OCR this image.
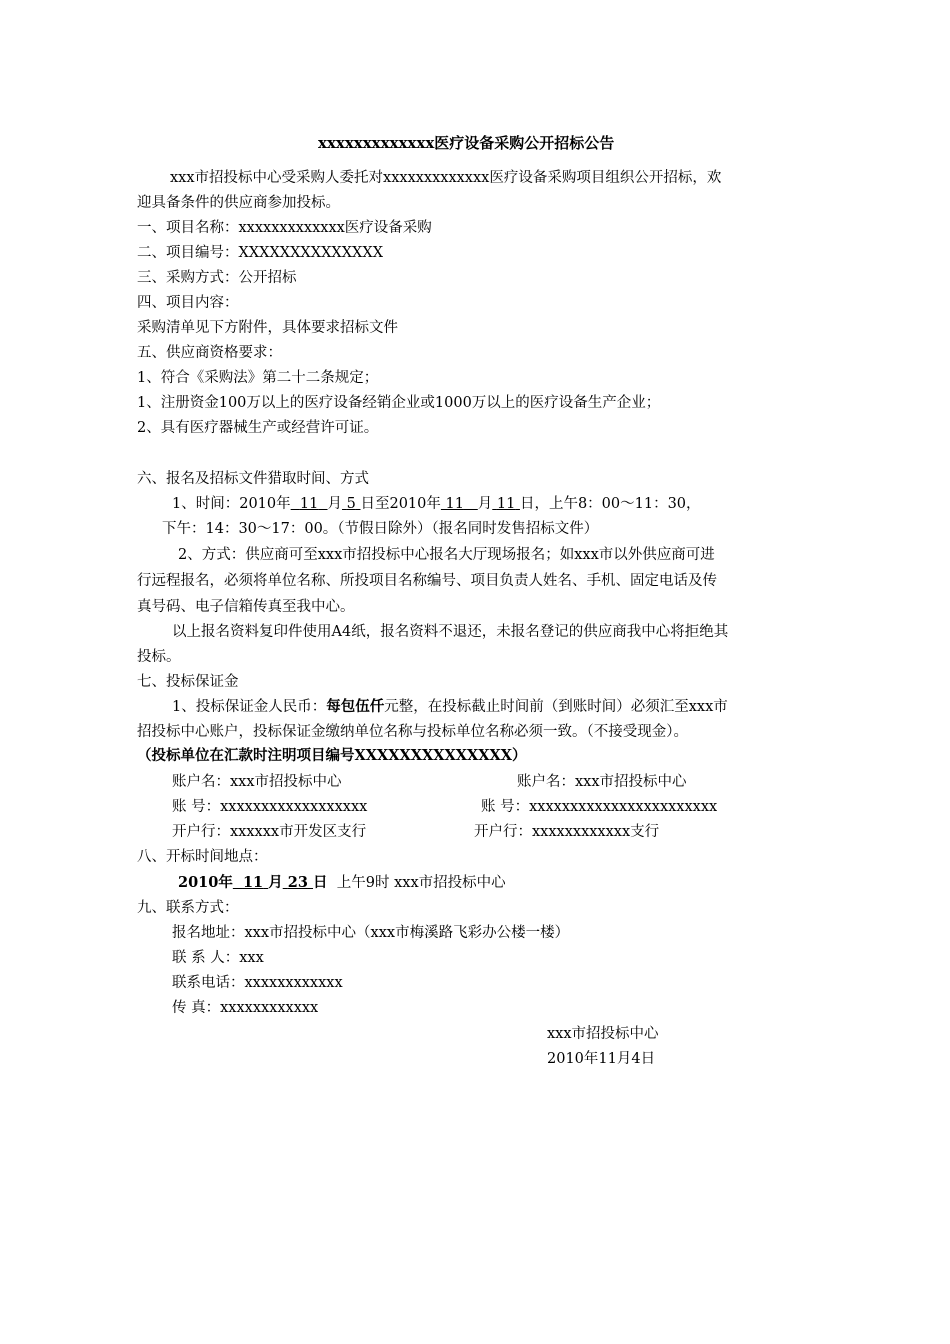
xxxxxxxxxxxxx医疗设备采购公开招标公告
xxx市招投标中心受采购人委托对xxxxxxxxxxxxx医疗设备采购项目组织公开招标，欢
迎具备条件的供应商参加投标。
一、项目名称：xxxxxxxxxxxxx医疗设备采购
二、项目编号：XXXXXXXXXXXXXX
三、采购方式：公开招标
四、项目内容：
采购清单见下方附件，具体要求招标文件
五、供应商资格要求：
1、符合《采购法》第二十二条规定；
1、注册资金100万以上的医疗设备经销企业或1000万以上的医疗设备生产企业；
2、具有医疗器械生产或经营许可证。
六、报名及招标文件猎取时间、方式
1、时间：2010年 11 月 5 日至2010年 11 月 11 日，上午8：00～11：30，
下午：14：30～17：00。（节假日除外）（报名同时发售招标文件）
2、方式：供应商可至xxx市招投标中心报名大厅现场报名；如xxx市以外供应商可进
行远程报名，必须将单位名称、所投项目名称编号、项目负责人姓名、手机、固定电话及传
真号码、电子信箱传真至我中心。
以上报名资料复印件使用A4纸，报名资料不退还，未报名登记的供应商我中心将拒绝其
投标。
七、投标保证金
1、投标保证金人民币：每包伍仟元整，在投标截止时间前（到账时间）必须汇至xxx市
招投标中心账户，投标保证金缴纳单位名称与投标单位名称必须一致。（不接受现金）。
（投标单位在汇款时注明项目编号XXXXXXXXXXXXXX）
账户名：xxx市招投标中心	账户名：xxx市招投标中心
账 号：xxxxxxxxxxxxxxxxxx	账 号：xxxxxxxxxxxxxxxxxxxxxxx
开户行：xxxxxx市开发区支行	开户行：xxxxxxxxxxxx支行
八、开标时间地点：
2010年 11 月 23 日 上午9时 xxx市招投标中心
九、联系方式：
报名地址：xxx市招投标中心（xxx市梅溪路飞彩办公楼一楼）
联 系 人：xxx
联系电话：xxxxxxxxxxxx
传 真：xxxxxxxxxxxx
xxx市招投标中心
2010年11月4日
